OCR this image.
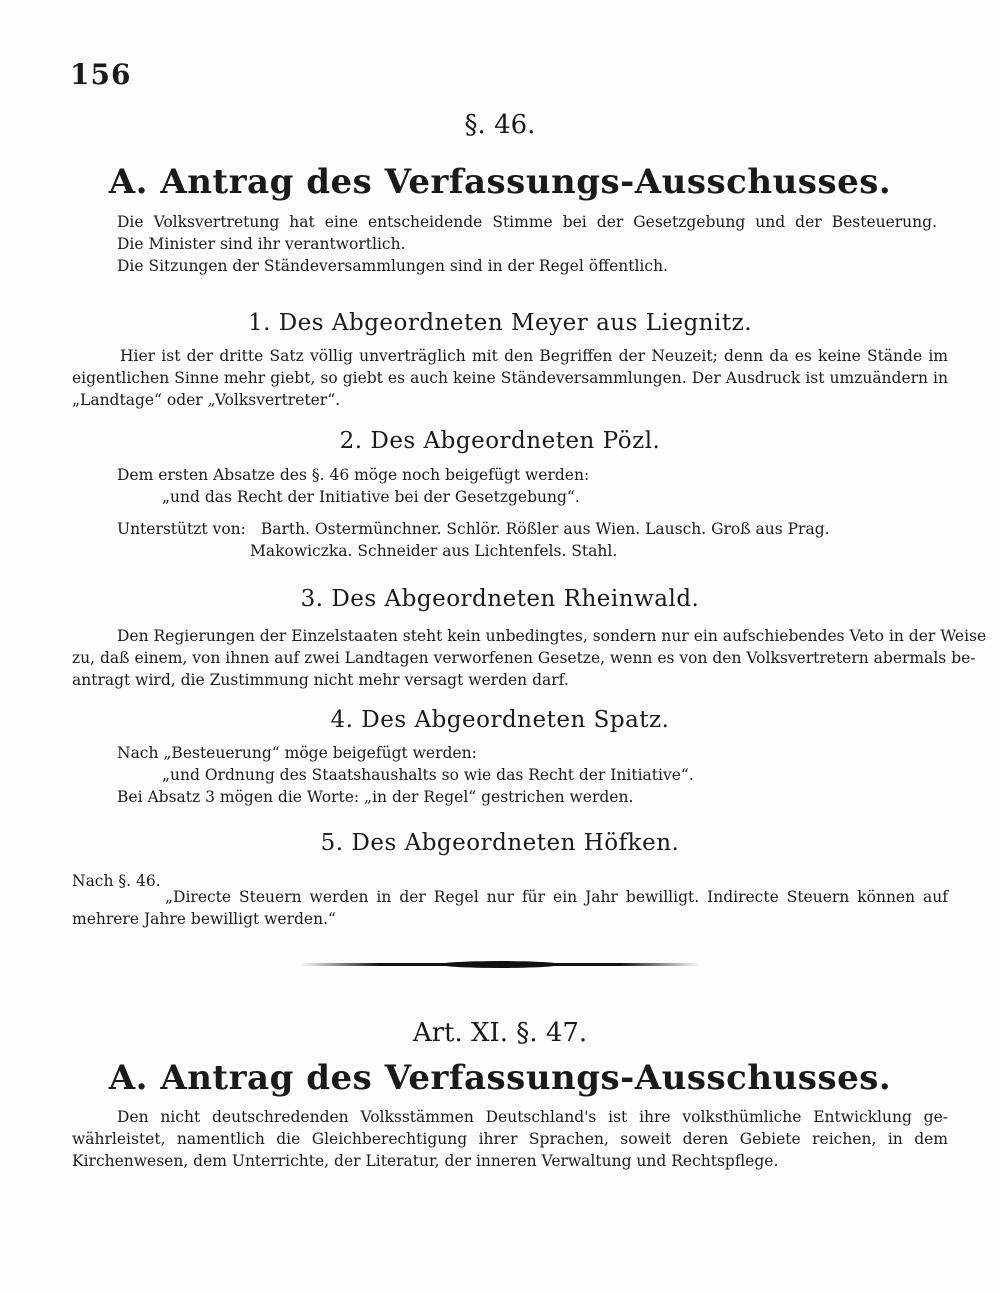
156
§. 46.
A. Antrag des Verfassungs-Ausschusses.
Die Volksvertretung hat eine entscheidende Stimme bei der Gesetzgebung und der Besteuerung.
Die Minister sind ihr verantwortlich.
Die Sitzungen der Ständeversammlungen sind in der Regel öffentlich.
1. Des Abgeordneten Meyer aus Liegnitz.
Hier ist der dritte Satz völlig unverträglich mit den Begriffen der Neuzeit; denn da es keine Stände im
eigentlichen Sinne mehr giebt, so giebt es auch keine Ständeversammlungen. Der Ausdruck ist umzuändern in
„Landtage“ oder „Volksvertreter“.
2. Des Abgeordneten Pözl.
Dem ersten Absatze des §. 46 möge noch beigefügt werden:
„und das Recht der Initiative bei der Gesetzgebung“.
Unterstützt von: Barth. Ostermünchner. Schlör. Rößler aus Wien. Lausch. Groß aus Prag.
Makowiczka. Schneider aus Lichtenfels. Stahl.
3. Des Abgeordneten Rheinwald.
Den Regierungen der Einzelstaaten steht kein unbedingtes, sondern nur ein aufschiebendes Veto in der Weise
zu, daß einem, von ihnen auf zwei Landtagen verworfenen Gesetze, wenn es von den Volksvertretern abermals be-
antragt wird, die Zustimmung nicht mehr versagt werden darf.
4. Des Abgeordneten Spatz.
Nach „Besteuerung“ möge beigefügt werden:
„und Ordnung des Staatshaushalts so wie das Recht der Initiative“.
Bei Absatz 3 mögen die Worte: „in der Regel“ gestrichen werden.
5. Des Abgeordneten Höfken.
Nach §. 46.
„Directe Steuern werden in der Regel nur für ein Jahr bewilligt. Indirecte Steuern können auf
mehrere Jahre bewilligt werden.“
Art. XI. §. 47.
A. Antrag des Verfassungs-Ausschusses.
Den nicht deutschredenden Volksstämmen Deutschland's ist ihre volksthümliche Entwicklung ge-
währleistet, namentlich die Gleichberechtigung ihrer Sprachen, soweit deren Gebiete reichen, in dem
Kirchenwesen, dem Unterrichte, der Literatur, der inneren Verwaltung und Rechtspflege.
